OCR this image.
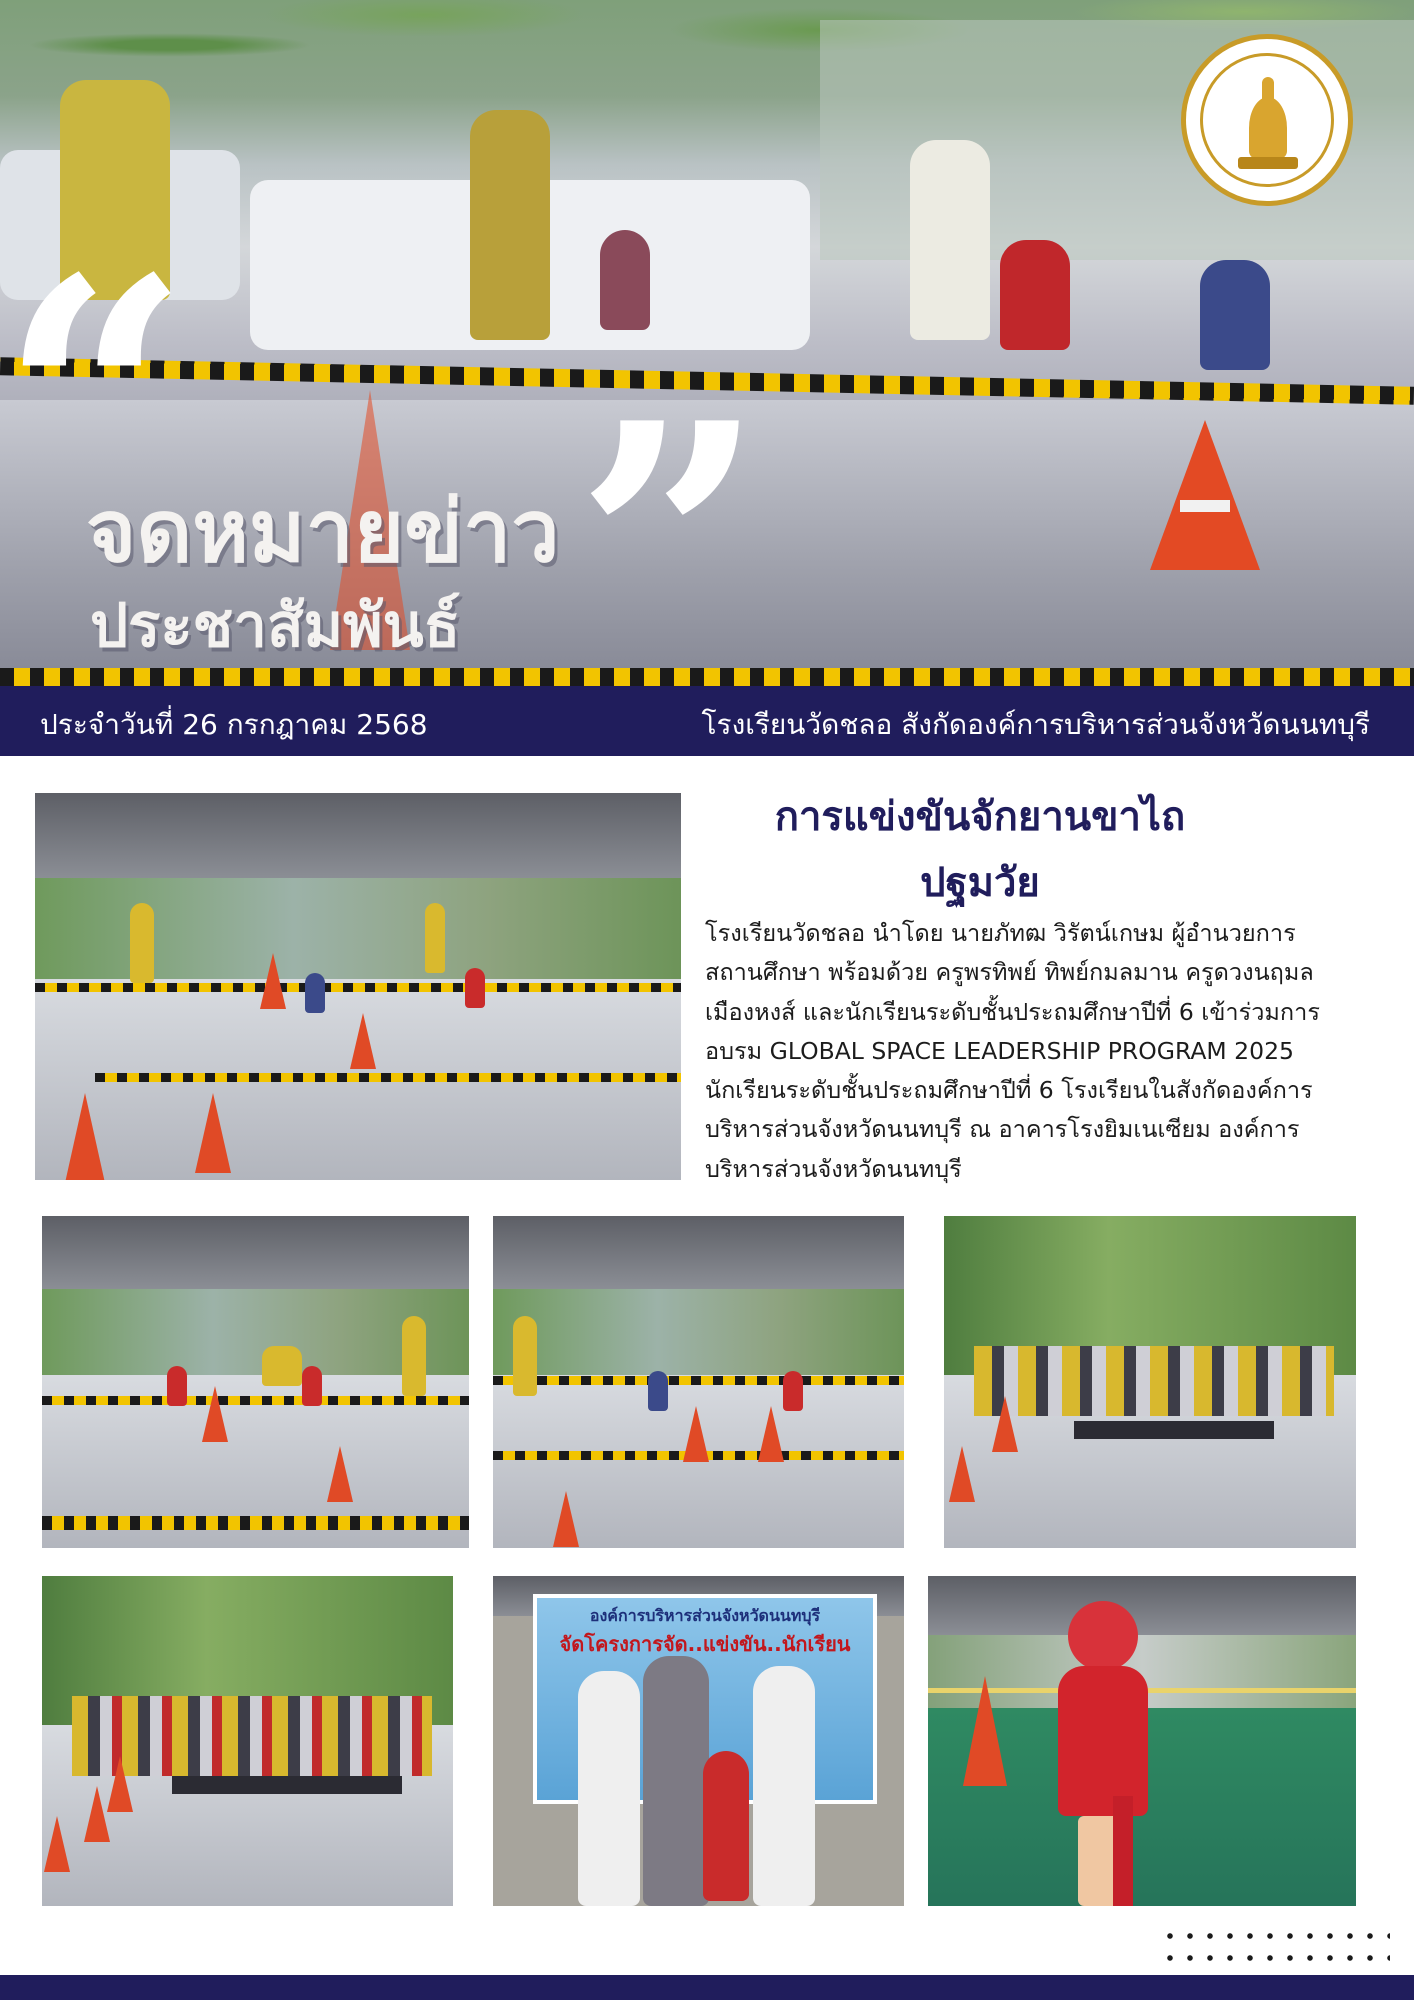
“
จดหมายข่าว
ประชาสัมพันธ์
ประจำวันที่ 26 กรกฎาคม 2568	โรงเรียนวัดชลอ สังกัดองค์การบริหารส่วนจังหวัดนนทบุรี
การแข่งขันจักยานขาไถ
ปฐมวัย
โรงเรียนวัดชลอ นำโดย นายภัทฒ วิรัตน์เกษม ผู้อำนวยการ
สถานศึกษา พร้อมด้วย ครูพรทิพย์ ทิพย์กมลมาน ครูดวงนฤมล
เมืองหงส์ และนักเรียนระดับชั้นประถมศึกษาปีที่ 6 เข้าร่วมการ
อบรม GLOBAL SPACE LEADERSHIP PROGRAM 2025
นักเรียนระดับชั้นประถมศึกษาปีที่ 6 โรงเรียนในสังกัดองค์การ
บริหารส่วนจังหวัดนนทบุรี ณ อาคารโรงยิมเนเซียม องค์การ
บริหารส่วนจังหวัดนนทบุรี
องค์การบริหารส่วนจังหวัดนนทบุรี
จัดโครงการจัด..แข่งขัน..นักเรียน
